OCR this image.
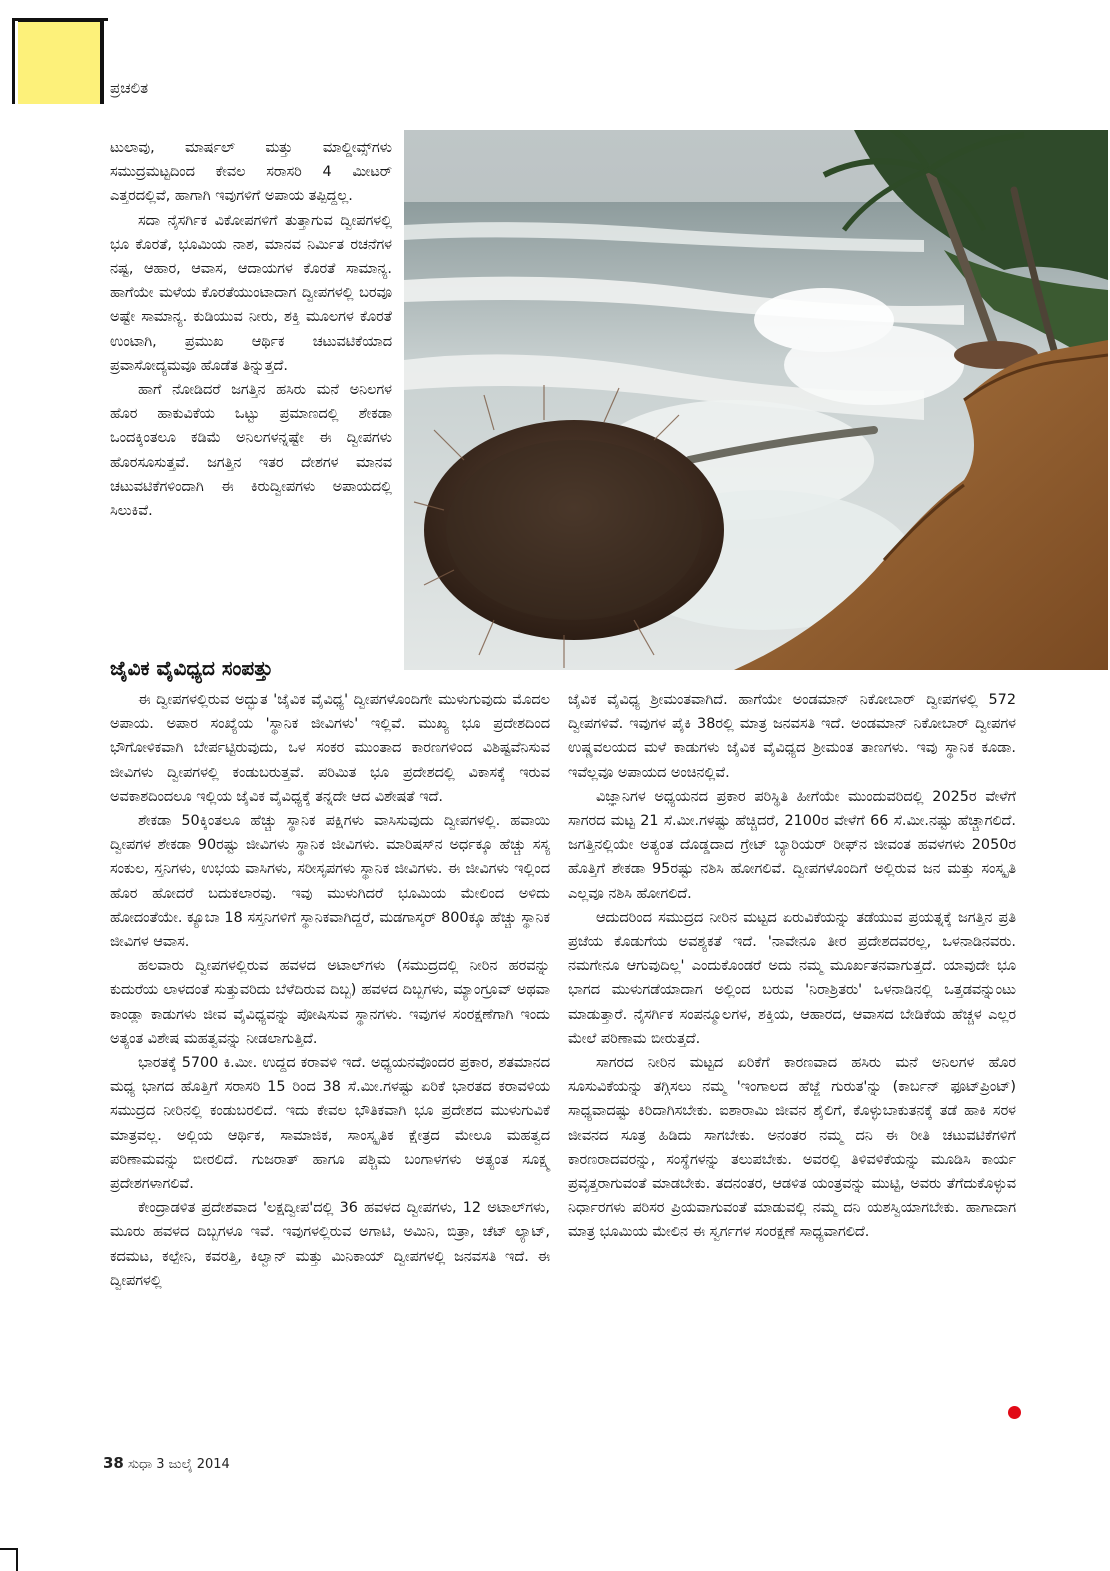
ಪ್ರಚಲಿತ

ಟುಲಾವು, ಮಾರ್ಷಲ್ ಮತ್ತು ಮಾಲ್ಡೀವ್ಸ್‌ಗಳು ಸಮುದ್ರಮಟ್ಟದಿಂದ ಕೇವಲ ಸರಾಸರಿ 4 ಮೀಟರ್ ಎತ್ತರದಲ್ಲಿವೆ, ಹಾಗಾಗಿ ಇವುಗಳಿಗೆ ಅಪಾಯ ತಪ್ಪಿದ್ದಲ್ಲ.

ಸದಾ ನೈಸರ್ಗಿಕ ವಿಕೋಪಗಳಿಗೆ ತುತ್ತಾಗುವ ದ್ವೀಪಗಳಲ್ಲಿ ಭೂ ಕೊರತೆ, ಭೂಮಿಯ ನಾಶ, ಮಾನವ ನಿರ್ಮಿತ ರಚನೆಗಳ ನಷ್ಟ, ಆಹಾರ, ಆವಾಸ, ಆದಾಯಗಳ ಕೊರತೆ ಸಾಮಾನ್ಯ. ಹಾಗೆಯೇ ಮಳೆಯ ಕೊರತೆಯುಂಟಾದಾಗ ದ್ವೀಪಗಳಲ್ಲಿ ಬರವೂ ಅಷ್ಟೇ ಸಾಮಾನ್ಯ. ಕುಡಿಯುವ ನೀರು, ಶಕ್ತಿ ಮೂಲಗಳ ಕೊರತೆ ಉಂಟಾಗಿ, ಪ್ರಮುಖ ಆರ್ಥಿಕ ಚಟುವಟಿಕೆಯಾದ ಪ್ರವಾಸೋದ್ಯಮವೂ ಹೊಡೆತ ತಿನ್ನುತ್ತದೆ.

ಹಾಗೆ ನೋಡಿದರೆ ಜಗತ್ತಿನ ಹಸಿರು ಮನೆ ಅನಿಲಗಳ ಹೊರ ಹಾಕುವಿಕೆಯ ಒಟ್ಟು ಪ್ರಮಾಣದಲ್ಲಿ ಶೇಕಡಾ ಒಂದಕ್ಕಿಂತಲೂ ಕಡಿಮೆ ಅನಿಲಗಳನ್ನಷ್ಟೇ ಈ ದ್ವೀಪಗಳು ಹೊರಸೂಸುತ್ತವೆ. ಜಗತ್ತಿನ ಇತರ ದೇಶಗಳ ಮಾನವ ಚಟುವಟಿಕೆಗಳಿಂದಾಗಿ ಈ ಕಿರುದ್ವೀಪಗಳು ಅಪಾಯದಲ್ಲಿ ಸಿಲುಕಿವೆ.

ಜೈವಿಕ ವೈವಿಧ್ಯದ ಸಂಪತ್ತು

ಈ ದ್ವೀಪಗಳಲ್ಲಿರುವ ಅದ್ಭುತ 'ಜೈವಿಕ ವೈವಿಧ್ಯ' ದ್ವೀಪಗಳೊಂದಿಗೇ ಮುಳುಗುವುದು ಮೊದಲ ಅಪಾಯ. ಅಪಾರ ಸಂಖ್ಯೆಯ 'ಸ್ಥಾನಿಕ ಜೀವಿಗಳು' ಇಲ್ಲಿವೆ. ಮುಖ್ಯ ಭೂ ಪ್ರದೇಶದಿಂದ ಭೌಗೋಳಿಕವಾಗಿ ಬೇರ್ಪಟ್ಟಿರುವುದು, ಒಳ ಸಂಕರ ಮುಂತಾದ ಕಾರಣಗಳಿಂದ ವಿಶಿಷ್ಟವೆನಿಸುವ ಜೀವಿಗಳು ದ್ವೀಪಗಳಲ್ಲಿ ಕಂಡುಬರುತ್ತವೆ. ಪರಿಮಿತ ಭೂ ಪ್ರದೇಶದಲ್ಲಿ ವಿಕಾಸಕ್ಕೆ ಇರುವ ಅವಕಾಶದಿಂದಲೂ ಇಲ್ಲಿಯ ಜೈವಿಕ ವೈವಿಧ್ಯಕ್ಕೆ ತನ್ನದೇ ಆದ ವಿಶೇಷತೆ ಇದೆ.

ಶೇಕಡಾ 50ಕ್ಕಿಂತಲೂ ಹೆಚ್ಚು ಸ್ಥಾನಿಕ ಪಕ್ಷಿಗಳು ವಾಸಿಸುವುದು ದ್ವೀಪಗಳಲ್ಲಿ. ಹವಾಯಿ ದ್ವೀಪಗಳ ಶೇಕಡಾ 90ರಷ್ಟು ಜೀವಿಗಳು ಸ್ಥಾನಿಕ ಜೀವಿಗಳು. ಮಾರಿಷಸ್‌ನ ಅರ್ಧಕ್ಕೂ ಹೆಚ್ಚು ಸಸ್ಯ ಸಂಕುಲ, ಸ್ತನಿಗಳು, ಉಭಯ ವಾಸಿಗಳು, ಸರೀಸೃಪಗಳು ಸ್ಥಾನಿಕ ಜೀವಿಗಳು. ಈ ಜೀವಿಗಳು ಇಲ್ಲಿಂದ ಹೊರ ಹೋದರೆ ಬದುಕಲಾರವು. ಇವು ಮುಳುಗಿದರೆ ಭೂಮಿಯ ಮೇಲಿಂದ ಅಳಿದು ಹೋದಂತೆಯೇ. ಕ್ಯೂಬಾ 18 ಸಸ್ತನಿಗಳಿಗೆ ಸ್ಥಾನಿಕವಾಗಿದ್ದರೆ, ಮಡಗಾಸ್ಕರ್ 800ಕ್ಕೂ ಹೆಚ್ಚು ಸ್ಥಾನಿಕ ಜೀವಿಗಳ ಆವಾಸ.

ಹಲವಾರು ದ್ವೀಪಗಳಲ್ಲಿರುವ ಹವಳದ ಅಟಾಲ್‌ಗಳು (ಸಮುದ್ರದಲ್ಲಿ ನೀರಿನ ಹರವನ್ನು ಕುದುರೆಯ ಲಾಳದಂತೆ ಸುತ್ತುವರಿದು ಬೆಳೆದಿರುವ ದಿಬ್ಬ) ಹವಳದ ದಿಬ್ಬಗಳು, ಮ್ಯಾಂಗ್ರೂವ್ ಅಥವಾ ಕಾಂಡ್ಲಾ ಕಾಡುಗಳು ಜೀವ ವೈವಿಧ್ಯವನ್ನು ಪೋಷಿಸುವ ಸ್ಥಾನಗಳು. ಇವುಗಳ ಸಂರಕ್ಷಣೆಗಾಗಿ ಇಂದು ಅತ್ಯಂತ ವಿಶೇಷ ಮಹತ್ವವನ್ನು ನೀಡಲಾಗುತ್ತಿದೆ.

ಭಾರತಕ್ಕೆ 5700 ಕಿ.ಮೀ. ಉದ್ದದ ಕರಾವಳಿ ಇದೆ. ಅಧ್ಯಯನವೊಂದರ ಪ್ರಕಾರ, ಶತಮಾನದ ಮಧ್ಯ ಭಾಗದ ಹೊತ್ತಿಗೆ ಸರಾಸರಿ 15 ರಿಂದ 38 ಸೆ.ಮೀ.ಗಳಷ್ಟು ಏರಿಕೆ ಭಾರತದ ಕರಾವಳಿಯ ಸಮುದ್ರದ ನೀರಿನಲ್ಲಿ ಕಂಡುಬರಲಿದೆ. ಇದು ಕೇವಲ ಭೌತಿಕವಾಗಿ ಭೂ ಪ್ರದೇಶದ ಮುಳುಗುವಿಕೆ ಮಾತ್ರವಲ್ಲ. ಅಲ್ಲಿಯ ಆರ್ಥಿಕ, ಸಾಮಾಜಿಕ, ಸಾಂಸ್ಕೃತಿಕ ಕ್ಷೇತ್ರದ ಮೇಲೂ ಮಹತ್ವದ ಪರಿಣಾಮವನ್ನು ಬೀರಲಿದೆ. ಗುಜರಾತ್ ಹಾಗೂ ಪಶ್ಚಿಮ ಬಂಗಾಳಗಳು ಅತ್ಯಂತ ಸೂಕ್ಷ್ಮ ಪ್ರದೇಶಗಳಾಗಲಿವೆ.

ಕೇಂದ್ರಾಡಳಿತ ಪ್ರದೇಶವಾದ 'ಲಕ್ಷದ್ವೀಪ'ದಲ್ಲಿ 36 ಹವಳದ ದ್ವೀಪಗಳು, 12 ಅಟಾಲ್‌ಗಳು, ಮೂರು ಹವಳದ ದಿಬ್ಬಗಳೂ ಇವೆ. ಇವುಗಳಲ್ಲಿರುವ ಅಗಾಟಿ, ಅಮಿನಿ, ಬಿತ್ರಾ, ಚೆಟ್ ಲ್ಯಾಟ್, ಕದಮಟ, ಕಲ್ಪೇನಿ, ಕವರತ್ತಿ, ಕಿಲ್ವಾನ್ ಮತ್ತು ಮಿನಿಕಾಯ್ ದ್ವೀಪಗಳಲ್ಲಿ ಜನವಸತಿ ಇದೆ. ಈ ದ್ವೀಪಗಳಲ್ಲಿ

ಜೈವಿಕ ವೈವಿಧ್ಯ ಶ್ರೀಮಂತವಾಗಿದೆ. ಹಾಗೆಯೇ ಅಂಡಮಾನ್ ನಿಕೋಬಾರ್ ದ್ವೀಪಗಳಲ್ಲಿ 572 ದ್ವೀಪಗಳಿವೆ. ಇವುಗಳ ಪೈಕಿ 38ರಲ್ಲಿ ಮಾತ್ರ ಜನವಸತಿ ಇದೆ. ಅಂಡಮಾನ್ ನಿಕೋಬಾರ್ ದ್ವೀಪಗಳ ಉಷ್ಣವಲಯದ ಮಳೆ ಕಾಡುಗಳು ಜೈವಿಕ ವೈವಿಧ್ಯದ ಶ್ರೀಮಂತ ತಾಣಗಳು. ಇವು ಸ್ಥಾನಿಕ ಕೂಡಾ. ಇವೆಲ್ಲವೂ ಅಪಾಯದ ಅಂಚಿನಲ್ಲಿವೆ.

ವಿಜ್ಞಾನಿಗಳ ಅಧ್ಯಯನದ ಪ್ರಕಾರ ಪರಿಸ್ಥಿತಿ ಹೀಗೆಯೇ ಮುಂದುವರಿದಲ್ಲಿ 2025ರ ವೇಳೆಗೆ ಸಾಗರದ ಮಟ್ಟ 21 ಸೆ.ಮೀ.ಗಳಷ್ಟು ಹೆಚ್ಚಿದರೆ, 2100ರ ವೇಳೆಗೆ 66 ಸೆ.ಮೀ.ನಷ್ಟು ಹೆಚ್ಚಾಗಲಿದೆ. ಜಗತ್ತಿನಲ್ಲಿಯೇ ಅತ್ಯಂತ ದೊಡ್ಡದಾದ ಗ್ರೇಟ್ ಬ್ಯಾರಿಯರ್ ರೀಫ್‌ನ ಜೀವಂತ ಹವಳಗಳು 2050ರ ಹೊತ್ತಿಗೆ ಶೇಕಡಾ 95ರಷ್ಟು ನಶಿಸಿ ಹೋಗಲಿವೆ. ದ್ವೀಪಗಳೊಂದಿಗೆ ಅಲ್ಲಿರುವ ಜನ ಮತ್ತು ಸಂಸ್ಕೃತಿ ಎಲ್ಲವೂ ನಶಿಸಿ ಹೋಗಲಿದೆ.

ಆದುದರಿಂದ ಸಮುದ್ರದ ನೀರಿನ ಮಟ್ಟದ ಏರುವಿಕೆಯನ್ನು ತಡೆಯುವ ಪ್ರಯತ್ನಕ್ಕೆ ಜಗತ್ತಿನ ಪ್ರತಿ ಪ್ರಜೆಯ ಕೊಡುಗೆಯ ಅವಶ್ಯಕತೆ ಇದೆ. 'ನಾವೇನೂ ತೀರ ಪ್ರದೇಶದವರಲ್ಲ, ಒಳನಾಡಿನವರು. ನಮಗೇನೂ ಆಗುವುದಿಲ್ಲ' ಎಂದುಕೊಂಡರೆ ಅದು ನಮ್ಮ ಮೂರ್ಖತನವಾಗುತ್ತದೆ. ಯಾವುದೇ ಭೂ ಭಾಗದ ಮುಳುಗಡೆಯಾದಾಗ ಅಲ್ಲಿಂದ ಬರುವ 'ನಿರಾಶ್ರಿತರು' ಒಳನಾಡಿನಲ್ಲಿ ಒತ್ತಡವನ್ನುಂಟು ಮಾಡುತ್ತಾರೆ. ನೈಸರ್ಗಿಕ ಸಂಪನ್ಮೂಲಗಳ, ಶಕ್ತಿಯ, ಆಹಾರದ, ಆವಾಸದ ಬೇಡಿಕೆಯ ಹೆಚ್ಚಳ ಎಲ್ಲರ ಮೇಲೆ ಪರಿಣಾಮ ಬೀರುತ್ತದೆ.

ಸಾಗರದ ನೀರಿನ ಮಟ್ಟದ ಏರಿಕೆಗೆ ಕಾರಣವಾದ ಹಸಿರು ಮನೆ ಅನಿಲಗಳ ಹೊರ ಸೂಸುವಿಕೆಯನ್ನು ತಗ್ಗಿಸಲು ನಮ್ಮ 'ಇಂಗಾಲದ ಹೆಜ್ಜೆ ಗುರುತ'ನ್ನು (ಕಾರ್ಬನ್ ಫೂಟ್‌ಪ್ರಿಂಟ್) ಸಾಧ್ಯವಾದಷ್ಟು ಕಿರಿದಾಗಿಸಬೇಕು. ಐಶಾರಾಮಿ ಜೀವನ ಶೈಲಿಗೆ, ಕೊಳ್ಳುಬಾಕುತನಕ್ಕೆ ತಡೆ ಹಾಕಿ ಸರಳ ಜೀವನದ ಸೂತ್ರ ಹಿಡಿದು ಸಾಗಬೇಕು. ಅನಂತರ ನಮ್ಮ ದನಿ ಈ ರೀತಿ ಚಟುವಟಿಕೆಗಳಿಗೆ ಕಾರಣರಾದವರನ್ನು, ಸಂಸ್ಥೆಗಳನ್ನು ತಲುಪಬೇಕು. ಅವರಲ್ಲಿ ತಿಳಿವಳಿಕೆಯನ್ನು ಮೂಡಿಸಿ ಕಾರ್ಯ ಪ್ರವೃತ್ತರಾಗುವಂತೆ ಮಾಡಬೇಕು. ತದನಂತರ, ಆಡಳಿತ ಯಂತ್ರವನ್ನು ಮುಟ್ಟಿ, ಅವರು ತೆಗೆದುಕೊಳ್ಳುವ ನಿರ್ಧಾರಗಳು ಪರಿಸರ ಪ್ರಿಯವಾಗುವಂತೆ ಮಾಡುವಲ್ಲಿ ನಮ್ಮ ದನಿ ಯಶಸ್ವಿಯಾಗಬೇಕು. ಹಾಗಾದಾಗ ಮಾತ್ರ ಭೂಮಿಯ ಮೇಲಿನ ಈ ಸ್ವರ್ಗಗಳ ಸಂರಕ್ಷಣೆ ಸಾಧ್ಯವಾಗಲಿದೆ.

38 ಸುಧಾ 3 ಜುಲೈ 2014
